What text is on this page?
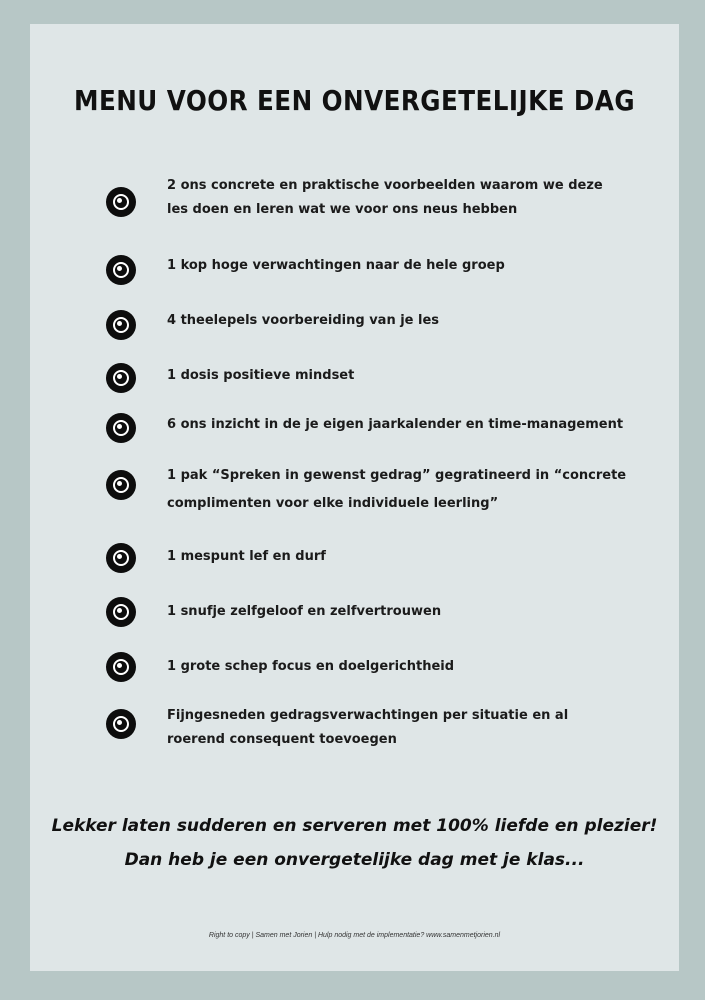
MENU VOOR EEN ONVERGETELIJKE DAG
2 ons concrete en praktische voorbeelden waarom we deze les doen en leren wat we voor ons neus hebben
1 kop hoge verwachtingen naar de hele groep
4 theelepels voorbereiding van je les
1 dosis positieve mindset
6 ons inzicht in de je eigen jaarkalender en time-management
1 pak “Spreken in gewenst gedrag” gegratineerd in “concrete complimenten voor elke individuele leerling”
1 mespunt lef en durf
1 snufje zelfgeloof en zelfvertrouwen
1 grote schep focus en doelgerichtheid
Fijngesneden gedragsverwachtingen per situatie en al roerend consequent toevoegen
Lekker laten sudderen en serveren met 100% liefde en plezier!
Dan heb je een onvergetelijke dag met je klas...
Right to copy | Samen met Jorien | Hulp nodig met de implementatie? www.samenmetjorien.nl
